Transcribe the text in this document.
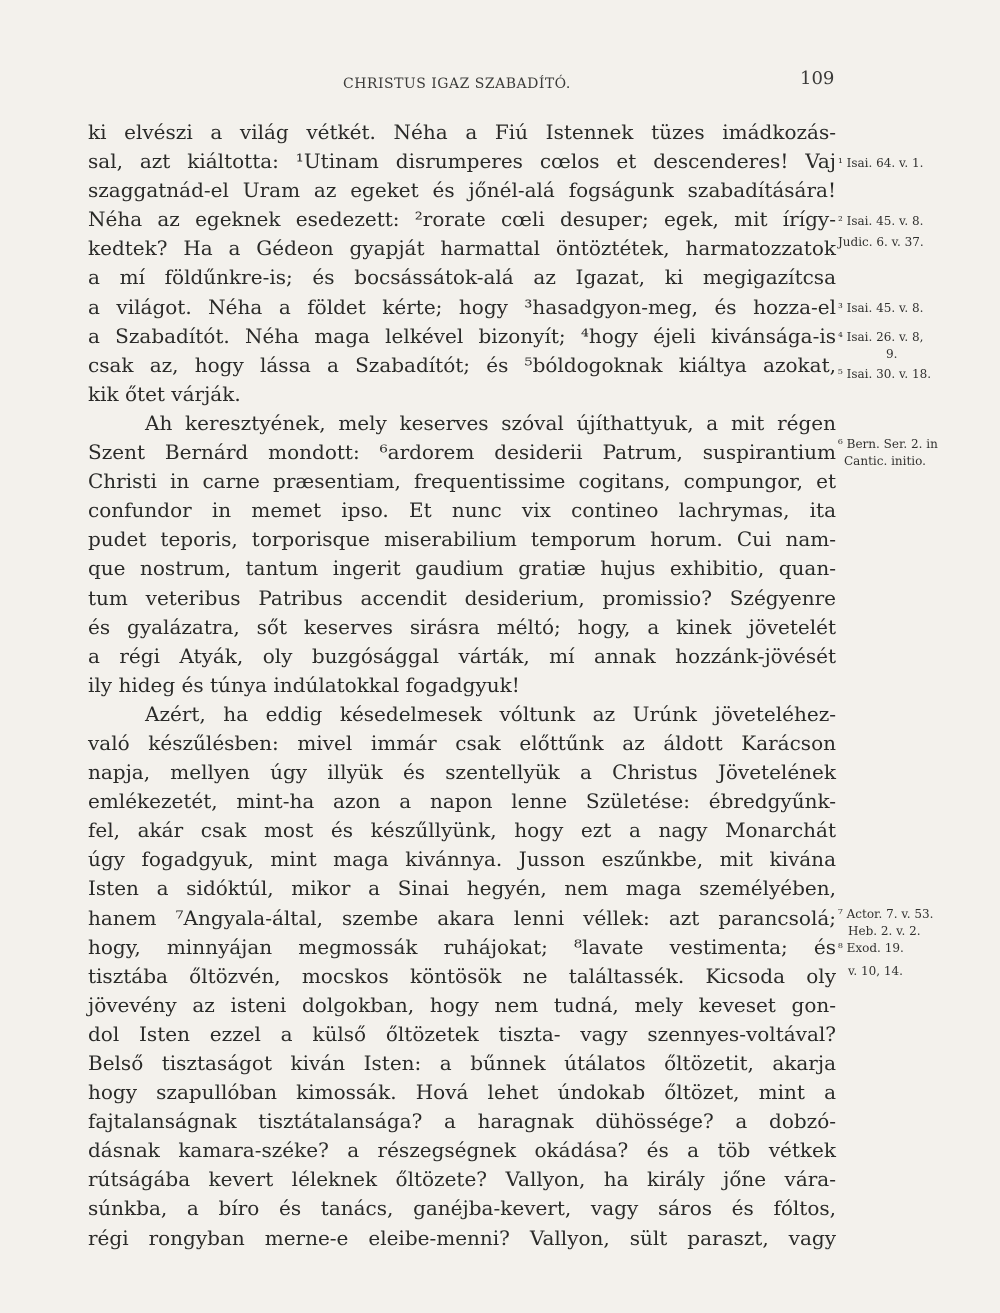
CHRISTUS IGAZ SZABADÍTÓ.	109
ki elvészi a világ vétkét. Néha a Fiú Istennek tüzes imádkozás-
sal, azt kiáltotta: ¹Utinam disrumperes cœlos et descenderes! Vaj
szaggatnád-el Uram az egeket és jőnél-alá fogságunk szabadítására!
Néha az egeknek esedezett: ²rorate cœli desuper; egek, mit írígy-
kedtek? Ha a Gédeon gyapját harmattal öntöztétek, harmatozzatok
a mí földűnkre-is; és bocsássátok-alá az Igazat, ki megigazítcsa
a világot. Néha a földet kérte; hogy ³hasadgyon-meg, és hozza-el
a Szabadítót. Néha maga lelkével bizonyít; ⁴hogy éjeli kivánsága-is
csak az, hogy lássa a Szabadítót; és ⁵bóldogoknak kiáltya azokat,
kik őtet várják.
Ah keresztyének, mely keserves szóval újíthattyuk, a mit régen
Szent Bernárd mondott: ⁶ardorem desiderii Patrum, suspirantium
Christi in carne præsentiam, frequentissime cogitans, compungor, et
confundor in memet ipso. Et nunc vix contineo lachrymas, ita
pudet teporis, torporisque miserabilium temporum horum. Cui nam-
que nostrum, tantum ingerit gaudium gratiæ hujus exhibitio, quan-
tum veteribus Patribus accendit desiderium, promissio? Szégyenre
és gyalázatra, sőt keserves sirásra méltó; hogy, a kinek jövetelét
a régi Atyák, oly buzgósággal várták, mí annak hozzánk-jövését
ily hideg és túnya indúlatokkal fogadgyuk!
Azért, ha eddig késedelmesek vóltunk az Urúnk jöveteléhez-
való készűlésben: mivel immár csak előttűnk az áldott Karácson
napja, mellyen úgy illyük és szentellyük a Christus Jövetelének
emlékezetét, mint-ha azon a napon lenne Születése: ébredgyűnk-
fel, akár csak most és készűllyünk, hogy ezt a nagy Monarchát
úgy fogadgyuk, mint maga kivánnya. Jusson eszűnkbe, mit kivána
Isten a sidóktúl, mikor a Sinai hegyén, nem maga személyében,
hanem ⁷Angyala-által, szembe akara lenni véllek: azt parancsolá;
hogy, minnyájan megmossák ruhájokat; ⁸lavate vestimenta; és
tisztába őltözvén, mocskos köntösök ne találtassék. Kicsoda oly
jövevény az isteni dolgokban, hogy nem tudná, mely keveset gon-
dol Isten ezzel a külső őltözetek tiszta- vagy szennyes-voltával?
Belső tisztaságot kiván Isten: a bűnnek útálatos őltözetit, akarja
hogy szapullóban kimossák. Hová lehet úndokab őltözet, mint a
fajtalanságnak tisztátalansága? a haragnak dühössége? a dobzó-
dásnak kamara-széke? a részegségnek okádása? és a töb vétkek
rútságába kevert léleknek őltözete? Vallyon, ha király jőne vára-
súnkba, a bíro és tanács, ganéjba-kevert, vagy sáros és fóltos,
régi rongyban merne-e eleibe-menni? Vallyon, sült paraszt, vagy
¹ Isai. 64. v. 1.
² Isai. 45. v. 8.
Judic. 6. v. 37.
³ Isai. 45. v. 8.
⁴ Isai. 26. v. 8,
9.
⁵ Isai. 30. v. 18.
⁶ Bern. Ser. 2. in
Cantic. initio.
⁷ Actor. 7. v. 53.
Heb. 2. v. 2.
⁸ Exod. 19.
v. 10, 14.
